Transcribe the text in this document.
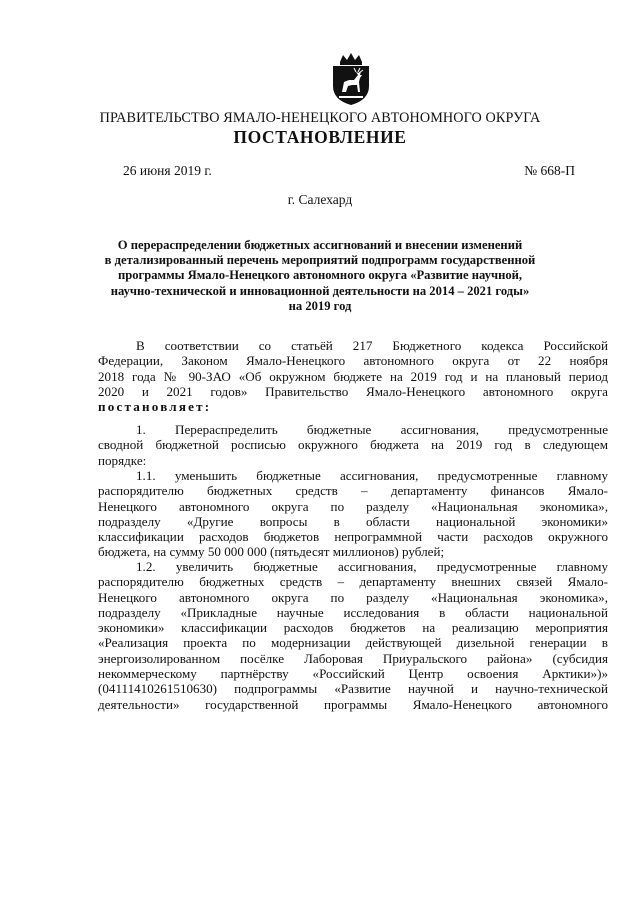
ПРАВИТЕЛЬСТВО ЯМАЛО-НЕНЕЦКОГО АВТОНОМНОГО ОКРУГА
ПОСТАНОВЛЕНИЕ
26 июня 2019 г.	№ 668-П
г. Салехард
О перераспределении бюджетных ассигнований и внесении изменений
в детализированный перечень мероприятий подпрограмм государственной
программы Ямало-Ненецкого автономного округа «Развитие научной,
научно-технической и инновационной деятельности на 2014 – 2021 годы»
на 2019 год
В соответствии со статьёй 217 Бюджетного кодекса Российской
Федерации, Законом Ямало-Ненецкого автономного округа от 22 ноября
2018 года № 90-ЗАО «Об окружном бюджете на 2019 год и на плановый период
2020 и 2021 годов» Правительство Ямало-Ненецкого автономного округа
постановляет:
1. Перераспределить бюджетные ассигнования, предусмотренные
сводной бюджетной росписью окружного бюджета на 2019 год в следующем
порядке:
1.1. уменьшить бюджетные ассигнования, предусмотренные главному
распорядителю бюджетных средств – департаменту финансов Ямало-
Ненецкого автономного округа по разделу «Национальная экономика»,
подразделу «Другие вопросы в области национальной экономики»
классификации расходов бюджетов непрограммной части расходов окружного
бюджета, на сумму 50 000 000 (пятьдесят миллионов) рублей;
1.2. увеличить бюджетные ассигнования, предусмотренные главному
распорядителю бюджетных средств – департаменту внешних связей Ямало-
Ненецкого автономного округа по разделу «Национальная экономика»,
подразделу «Прикладные научные исследования в области национальной
экономики» классификации расходов бюджетов на реализацию мероприятия
«Реализация проекта по модернизации действующей дизельной генерации в
энергоизолированном посёлке Лаборовая Приуральского района» (субсидия
некоммерческому партнёрству «Российский Центр освоения Арктики»)»
(04111410261510630) подпрограммы «Развитие научной и научно-технической
деятельности» государственной программы Ямало-Ненецкого автономного
